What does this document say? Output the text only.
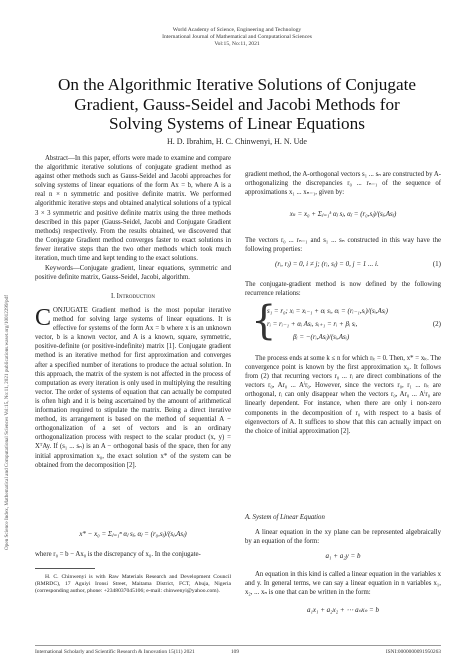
World Academy of Science, Engineering and Technology
International Journal of Mathematical and Computational Sciences
Vol:15, No:11, 2021
On the Algorithmic Iterative Solutions of Conjugate
Gradient, Gauss-Seidel and Jacobi Methods for
Solving Systems of Linear Equations
H. D. Ibrahim, H. C. Chinwenyi, H. N. Ude
Open Science Index, Mathematical and Computational Sciences Vol:15, No:11, 2021 publications.waset.org/10012299/pdf

Abstract—In this paper, efforts were made to examine and compare the algorithmic iterative solutions of conjugate gradient method as against other methods such as Gauss-Seidel and Jacobi approaches for solving systems of linear equations of the form Ax = b, where A is a real n × n symmetric and positive definite matrix. We performed algorithmic iterative steps and obtained analytical solutions of a typical 3 × 3 symmetric and positive definite matrix using the three methods described in this paper (Gauss-Seidel, Jacobi and Conjugate Gradient methods) respectively. From the results obtained, we discovered that the Conjugate Gradient method converges faster to exact solutions in fewer iterative steps than the two other methods which took much iteration, much time and kept tending to the exact solutions.

Keywords—Conjugate gradient, linear equations, symmetric and positive definite matrix, Gauss-Seidel, Jacobi, algorithm.

I. Introduction

CONJUGATE Gradient method is the most popular iterative method for solving large systems of linear equations. It is effective for systems of the form Ax = b where x is an unknown vector, b is a known vector, and A is a known, square, symmetric, positive-definite (or positive-indefinite) matrix [1]. Conjugate gradient method is an iterative method for first approximation and converges after a specified number of iterations to produce the actual solution. In this approach, the matrix of the system is not affected in the process of computation as every iteration is only used in multiplying the resulting vector. The order of systems of equation that can actually be computed is often high and it is being ascertained by the amount of arithmetical information required to stipulate the matrix. Being a direct iterative method, its arrangement is based on the method of sequential A − orthogonalization of a set of vectors and is an ordinary orthogonalization process with respect to the scalar product (x, y) = XᵀAy. If (s₁ ... sₙ) is an A − orthogonal basis of the space, then for any initial approximation x₀, the exact solution x* of the system can be obtained from the decomposition [2].

x* − x₀ = Σⱼ₌₁ⁿ αⱼ sⱼ, αⱼ = (r₀,sⱼ)/(sⱼ,Asⱼ)
where r₀ = b − Ax₀ is the discrepancy of x₀. In the conjugate-

H. C. Chinwenyi is with Raw Materials Research and Development Council (RMRDC), 17 Aguiyi Ironsi Street, Maitama District, FCT, Abuja, Nigeria (corresponding author, phone: +2348037045106; e-mail: chinwenyi@yahoo.com).

gradient method, the A-orthogonal vectors s₁ ... sₙ are constructed by A-orthogonalizing the discrepancies r₀ ... rₙ₋₁ of the sequence of approximations x₁ ... xₙ₋₁, given by:
xₖ = x₀ + Σⱼ₌₁ᵏ αⱼ sⱼ, αⱼ = (r₀,sⱼ)/(sⱼ,Asⱼ)
The vectors r₀ ... rₙ₋₁ and s₁ ... sₙ constructed in this way have the following properties:
(rᵢ, rⱼ) = 0, i ≠ j; (rᵢ, sⱼ) = 0, j = 1 ... i.	(1)
The conjugate-gradient method is now defined by the following recurrence relations:
{
s₁ = r₀; xᵢ = xᵢ₋₁ + αᵢ sᵢ, αᵢ = (rᵢ₋₁,sᵢ)/(sᵢ,Asᵢ)
rᵢ = rᵢ₋₁ + αᵢ Asᵢ, sᵢ₊₁ = rᵢ + βᵢ sᵢ,
βᵢ = −(rᵢ,Asᵢ)/(sᵢ,Asᵢ)
(2)

The process ends at some k ≤ n for which rₖ = 0. Then, x* = xₖ. The convergence point is known by the first approximation x₀. It follows from (2) that recurring vectors r₀ ... rᵢ are direct combinations of the vectors r₀, Ar₀ ... Aⁱr₀. However, since the vectors r₀, r₁ ... rₖ are orthogonal, rᵢ can only disappear when the vectors r₀, Ar₀ ... Aⁱr₀ are linearly dependent. For instance, when there are only i non-zero components in the decomposition of r₀ with respect to a basis of eigenvectors of A. It suffices to show that this can actually impact on the choice of initial approximation [2].

A. System of Linear Equation

A linear equation in the xy plane can be represented algebraically by an equation of the form:

a₁ + a₂y = b

An equation in this kind is called a linear equation in the variables x and y. In general terms, we can say a linear equation in n variables x₁, x₂, ... xₙ is one that can be written in the form:

a₁x₁ + a₂x₂ + ⋯ aₙxₙ = b
International Scholarly and Scientific Research & Innovation 15(11) 2021	109	ISNI:0000000091950263
